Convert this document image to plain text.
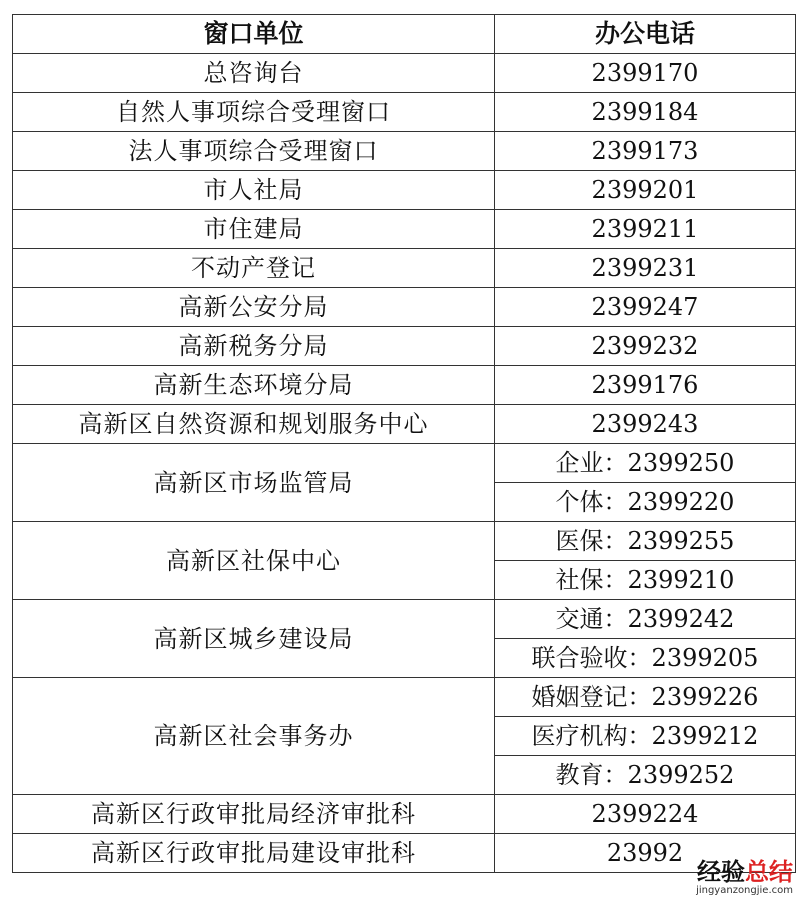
窗口单位	办公电话
总咨询台	2399170
自然人事项综合受理窗口	2399184
法人事项综合受理窗口	2399173
市人社局	2399201
市住建局	2399211
不动产登记	2399231
高新公安分局	2399247
高新税务分局	2399232
高新生态环境分局	2399176
高新区自然资源和规划服务中心	2399243
高新区市场监管局	企业：2399250
	个体：2399220
高新区社保中心	医保：2399255
	社保：2399210
高新区城乡建设局	交通：2399242
	联合验收：2399205
高新区社会事务办	婚姻登记：2399226
	医疗机构：2399212
	教育：2399252
高新区行政审批局经济审批科	2399224
高新区行政审批局建设审批科	23992
经验总结
jingyanzongjie.com
